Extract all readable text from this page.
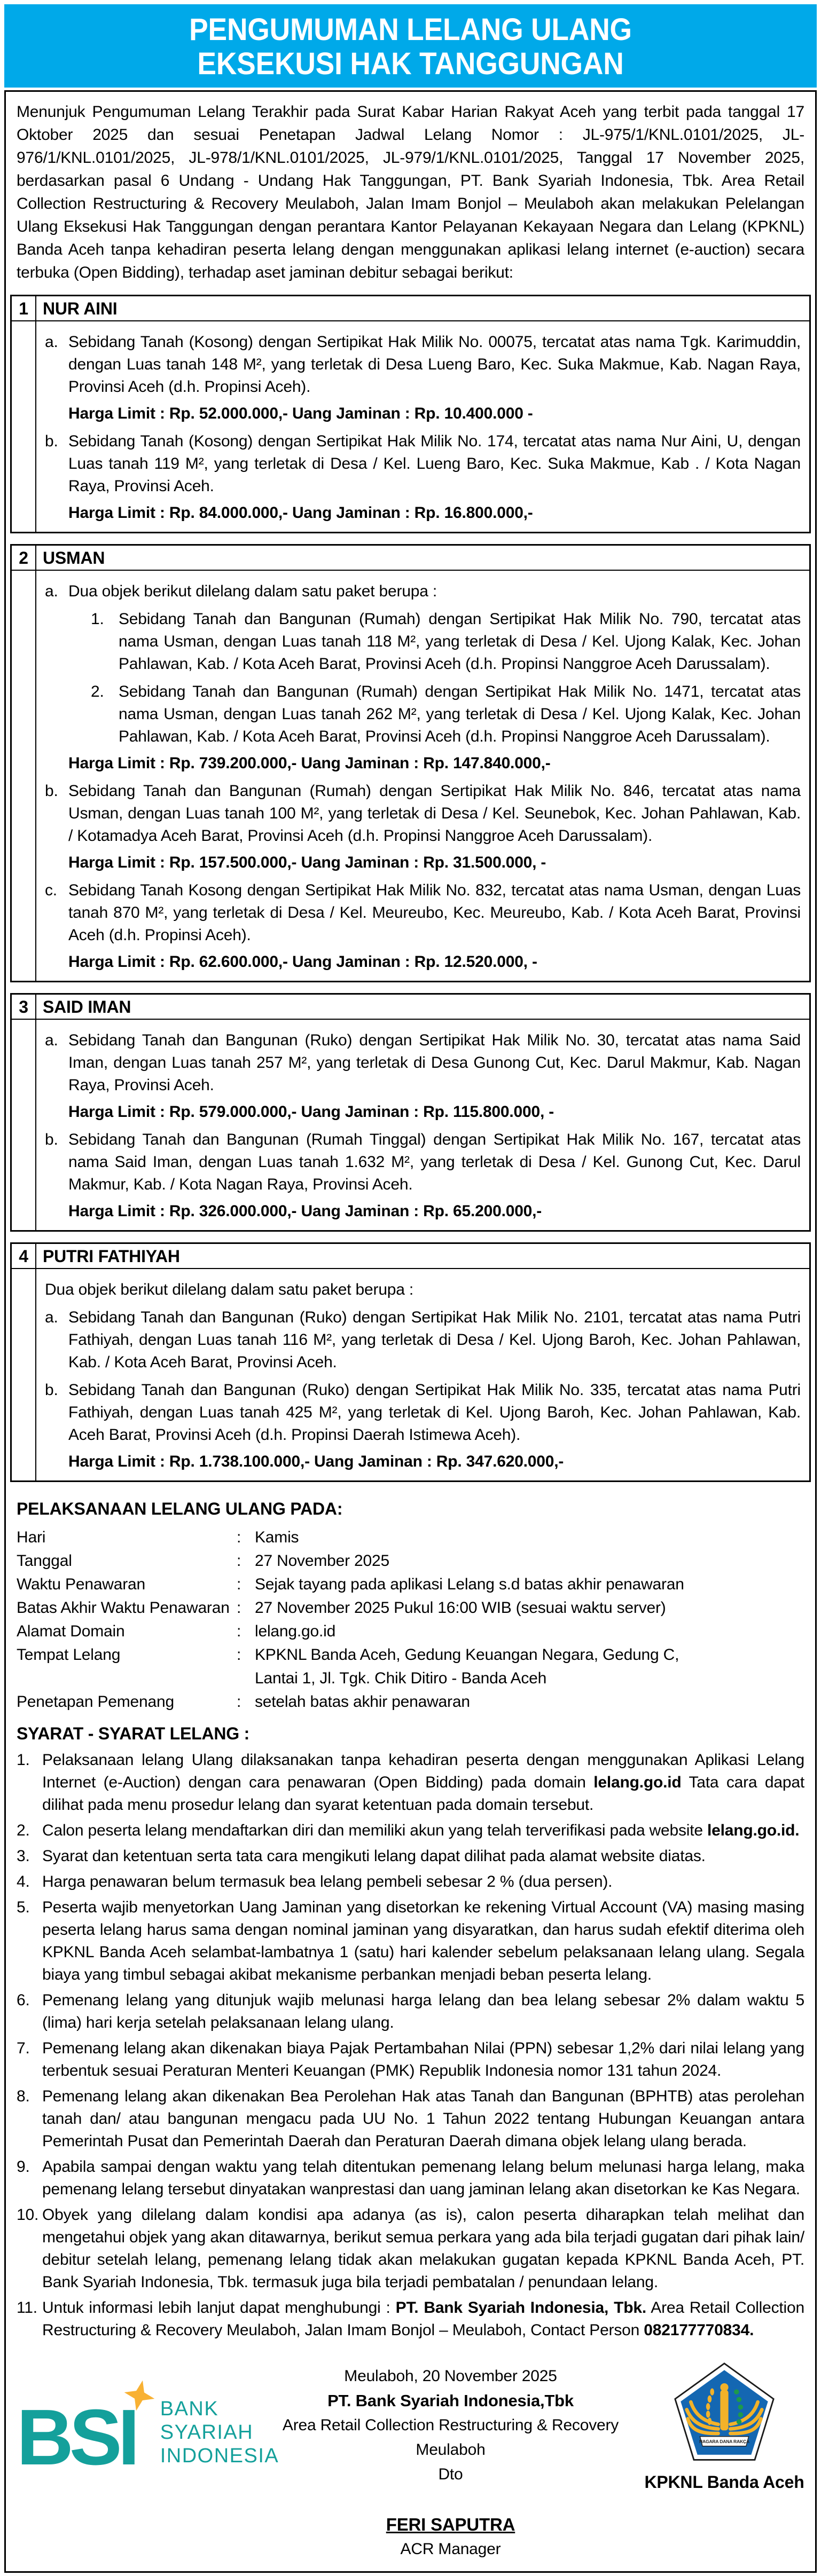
PENGUMUMAN LELANG ULANG
EKSEKUSI HAK TANGGUNGAN

Menunjuk Pengumuman Lelang Terakhir pada Surat Kabar Harian Rakyat Aceh yang terbit pada tanggal 17 Oktober 2025 dan sesuai Penetapan Jadwal Lelang Nomor : JL-975/1/KNL.0101/2025, JL-976/1/KNL.0101/2025, JL-978/1/KNL.0101/2025, JL-979/1/KNL.0101/2025, Tanggal 17 November 2025, berdasarkan pasal 6 Undang - Undang Hak Tanggungan, PT. Bank Syariah Indonesia, Tbk. Area Retail Collection Restructuring & Recovery Meulaboh, Jalan Imam Bonjol – Meulaboh akan melakukan Pelelangan Ulang Eksekusi Hak Tanggungan dengan perantara Kantor Pelayanan Kekayaan Negara dan Lelang (KPKNL) Banda Aceh tanpa kehadiran peserta lelang dengan menggunakan aplikasi lelang internet (e-auction) secara terbuka (Open Bidding), terhadap aset jaminan debitur sebagai berikut:

1 NUR AINI
a. Sebidang Tanah (Kosong) dengan Sertipikat Hak Milik No. 00075, tercatat atas nama Tgk. Karimuddin, dengan Luas tanah 148 M², yang terletak di Desa Lueng Baro, Kec. Suka Makmue, Kab. Nagan Raya, Provinsi Aceh (d.h. Propinsi Aceh).
Harga Limit : Rp. 52.000.000,- Uang Jaminan : Rp. 10.400.000 -
b. Sebidang Tanah (Kosong) dengan Sertipikat Hak Milik No. 174, tercatat atas nama Nur Aini, U, dengan Luas tanah 119 M², yang terletak di Desa / Kel. Lueng Baro, Kec. Suka Makmue, Kab . / Kota Nagan Raya, Provinsi Aceh.
Harga Limit : Rp. 84.000.000,- Uang Jaminan : Rp. 16.800.000,-
2 USMAN
a. Dua objek berikut dilelang dalam satu paket berupa :
1. Sebidang Tanah dan Bangunan (Rumah) dengan Sertipikat Hak Milik No. 790, tercatat atas nama Usman, dengan Luas tanah 118 M², yang terletak di Desa / Kel. Ujong Kalak, Kec. Johan Pahlawan, Kab. / Kota Aceh Barat, Provinsi Aceh (d.h. Propinsi Nanggroe Aceh Darussalam).
2. Sebidang Tanah dan Bangunan (Rumah) dengan Sertipikat Hak Milik No. 1471, tercatat atas nama Usman, dengan Luas tanah 262 M², yang terletak di Desa / Kel. Ujong Kalak, Kec. Johan Pahlawan, Kab. / Kota Aceh Barat, Provinsi Aceh (d.h. Propinsi Nanggroe Aceh Darussalam).
Harga Limit : Rp. 739.200.000,- Uang Jaminan : Rp. 147.840.000,-
b. Sebidang Tanah dan Bangunan (Rumah) dengan Sertipikat Hak Milik No. 846, tercatat atas nama Usman, dengan Luas tanah 100 M², yang terletak di Desa / Kel. Seunebok, Kec. Johan Pahlawan, Kab. / Kotamadya Aceh Barat, Provinsi Aceh (d.h. Propinsi Nanggroe Aceh Darussalam).
Harga Limit : Rp. 157.500.000,- Uang Jaminan : Rp. 31.500.000, -
c. Sebidang Tanah Kosong dengan Sertipikat Hak Milik No. 832, tercatat atas nama Usman, dengan Luas tanah 870 M², yang terletak di Desa / Kel. Meureubo, Kec. Meureubo, Kab. / Kota Aceh Barat, Provinsi Aceh (d.h. Propinsi Aceh).
Harga Limit : Rp. 62.600.000,- Uang Jaminan : Rp. 12.520.000, -
3 SAID IMAN
a. Sebidang Tanah dan Bangunan (Ruko) dengan Sertipikat Hak Milik No. 30, tercatat atas nama Said Iman, dengan Luas tanah 257 M², yang terletak di Desa Gunong Cut, Kec. Darul Makmur, Kab. Nagan Raya, Provinsi Aceh.
Harga Limit : Rp. 579.000.000,- Uang Jaminan : Rp. 115.800.000, -
b. Sebidang Tanah dan Bangunan (Rumah Tinggal) dengan Sertipikat Hak Milik No. 167, tercatat atas nama Said Iman, dengan Luas tanah 1.632 M², yang terletak di Desa / Kel. Gunong Cut, Kec. Darul Makmur, Kab. / Kota Nagan Raya, Provinsi Aceh.
Harga Limit : Rp. 326.000.000,- Uang Jaminan : Rp. 65.200.000,-
4 PUTRI FATHIYAH
Dua objek berikut dilelang dalam satu paket berupa :
a. Sebidang Tanah dan Bangunan (Ruko) dengan Sertipikat Hak Milik No. 2101, tercatat atas nama Putri Fathiyah, dengan Luas tanah 116 M², yang terletak di Desa / Kel. Ujong Baroh, Kec. Johan Pahlawan, Kab. / Kota Aceh Barat, Provinsi Aceh.
b. Sebidang Tanah dan Bangunan (Ruko) dengan Sertipikat Hak Milik No. 335, tercatat atas nama Putri Fathiyah, dengan Luas tanah 425 M², yang terletak di Kel. Ujong Baroh, Kec. Johan Pahlawan, Kab. Aceh Barat, Provinsi Aceh (d.h. Propinsi Daerah Istimewa Aceh).
Harga Limit : Rp. 1.738.100.000,- Uang Jaminan : Rp. 347.620.000,-
PELAKSANAAN LELANG ULANG PADA:
Hari	: Kamis
Tanggal	: 27 November 2025
Waktu Penawaran	: Sejak tayang pada aplikasi Lelang s.d batas akhir penawaran
Batas Akhir Waktu Penawaran : 27 November 2025 Pukul 16:00 WIB (sesuai waktu server)
Alamat Domain	: lelang.go.id
Tempat Lelang	: KPKNL Banda Aceh, Gedung Keuangan Negara, Gedung C,
Lantai 1, Jl. Tgk. Chik Ditiro - Banda Aceh
Penetapan Pemenang	: setelah batas akhir penawaran
SYARAT - SYARAT LELANG :
1. Pelaksanaan lelang Ulang dilaksanakan tanpa kehadiran peserta dengan menggunakan Aplikasi Lelang Internet (e-Auction) dengan cara penawaran (Open Bidding) pada domain lelang.go.id Tata cara dapat dilihat pada menu prosedur lelang dan syarat ketentuan pada domain tersebut.
2. Calon peserta lelang mendaftarkan diri dan memiliki akun yang telah terverifikasi pada website lelang.go.id.
3. Syarat dan ketentuan serta tata cara mengikuti lelang dapat dilihat pada alamat website diatas.
4. Harga penawaran belum termasuk bea lelang pembeli sebesar 2 % (dua persen).
5. Peserta wajib menyetorkan Uang Jaminan yang disetorkan ke rekening Virtual Account (VA) masing masing peserta lelang harus sama dengan nominal jaminan yang disyaratkan, dan harus sudah efektif diterima oleh KPKNL Banda Aceh selambat-lambatnya 1 (satu) hari kalender sebelum pelaksanaan lelang ulang. Segala biaya yang timbul sebagai akibat mekanisme perbankan menjadi beban peserta lelang.
6. Pemenang lelang yang ditunjuk wajib melunasi harga lelang dan bea lelang sebesar 2% dalam waktu 5 (lima) hari kerja setelah pelaksanaan lelang ulang.
7. Pemenang lelang akan dikenakan biaya Pajak Pertambahan Nilai (PPN) sebesar 1,2% dari nilai lelang yang terbentuk sesuai Peraturan Menteri Keuangan (PMK) Republik Indonesia nomor 131 tahun 2024.
8. Pemenang lelang akan dikenakan Bea Perolehan Hak atas Tanah dan Bangunan (BPHTB) atas perolehan tanah dan/ atau bangunan mengacu pada UU No. 1 Tahun 2022 tentang Hubungan Keuangan antara Pemerintah Pusat dan Pemerintah Daerah dan Peraturan Daerah dimana objek lelang ulang berada.
9. Apabila sampai dengan waktu yang telah ditentukan pemenang lelang belum melunasi harga lelang, maka pemenang lelang tersebut dinyatakan wanprestasi dan uang jaminan lelang akan disetorkan ke Kas Negara.
10. Obyek yang dilelang dalam kondisi apa adanya (as is), calon peserta diharapkan telah melihat dan mengetahui objek yang akan ditawarnya, berikut semua perkara yang ada bila terjadi gugatan dari pihak lain/ debitur setelah lelang, pemenang lelang tidak akan melakukan gugatan kepada KPKNL Banda Aceh, PT. Bank Syariah Indonesia, Tbk. termasuk juga bila terjadi pembatalan / penundaan lelang.
11. Untuk informasi lebih lanjut dapat menghubungi : PT. Bank Syariah Indonesia, Tbk. Area Retail Collection Restructuring & Recovery Meulaboh, Jalan Imam Bonjol – Meulaboh, Contact Person 082177770834.
BSI BANK SYARIAH
INDONESIA
Meulaboh, 20 November 2025
PT. Bank Syariah Indonesia,Tbk
Area Retail Collection Restructuring & Recovery Meulaboh
Dto
FERI SAPUTRA
ACR Manager
NAGARA DANA RAKÇA
KPKNL Banda Aceh
